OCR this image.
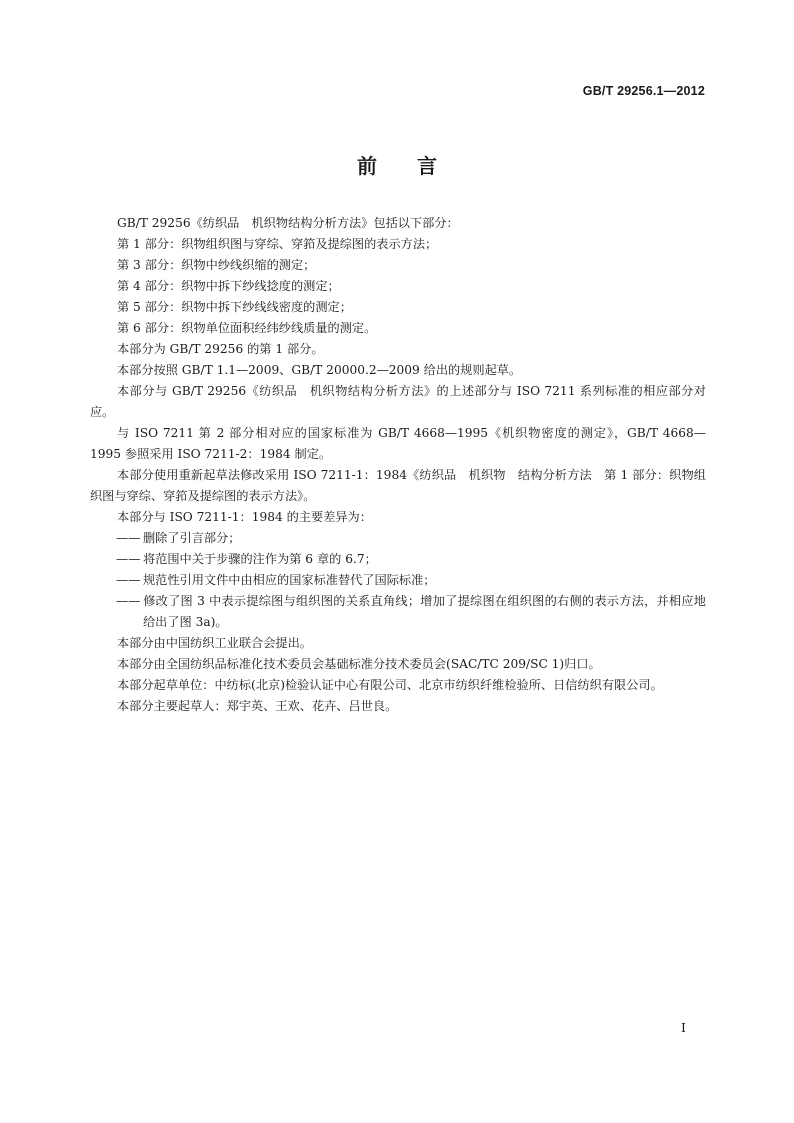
GB/T 29256.1—2012
前言

GB/T 29256《纺织品　机织物结构分析方法》包括以下部分：

第 1 部分：织物组织图与穿综、穿筘及提综图的表示方法；

第 3 部分：织物中纱线织缩的测定；

第 4 部分：织物中拆下纱线捻度的测定；

第 5 部分：织物中拆下纱线线密度的测定；

第 6 部分：织物单位面积经纬纱线质量的测定。

本部分为 GB/T 29256 的第 1 部分。

本部分按照 GB/T 1.1—2009、GB/T 20000.2—2009 给出的规则起草。

本部分与 GB/T 29256《纺织品　机织物结构分析方法》的上述部分与 ISO 7211 系列标准的相应部分对应。

与 ISO 7211 第 2 部分相对应的国家标准为 GB/T 4668—1995《机织物密度的测定》，GB/T 4668—1995 参照采用 ISO 7211-2：1984 制定。

本部分使用重新起草法修改采用 ISO 7211-1：1984《纺织品　机织物　结构分析方法　第 1 部分：织物组织图与穿综、穿筘及提综图的表示方法》。

本部分与 ISO 7211-1：1984 的主要差异为：

—— 删除了引言部分；

—— 将范围中关于步骤的注作为第 6 章的 6.7；

—— 规范性引用文件中由相应的国家标准替代了国际标准；

—— 修改了图 3 中表示提综图与组织图的关系直角线；增加了提综图在组织图的右侧的表示方法，并相应地给出了图 3a)。

本部分由中国纺织工业联合会提出。

本部分由全国纺织品标准化技术委员会基础标准分技术委员会(SAC/TC 209/SC 1)归口。

本部分起草单位：中纺标(北京)检验认证中心有限公司、北京市纺织纤维检验所、日信纺织有限公司。

本部分主要起草人：郑宇英、王欢、花卉、吕世良。

I
